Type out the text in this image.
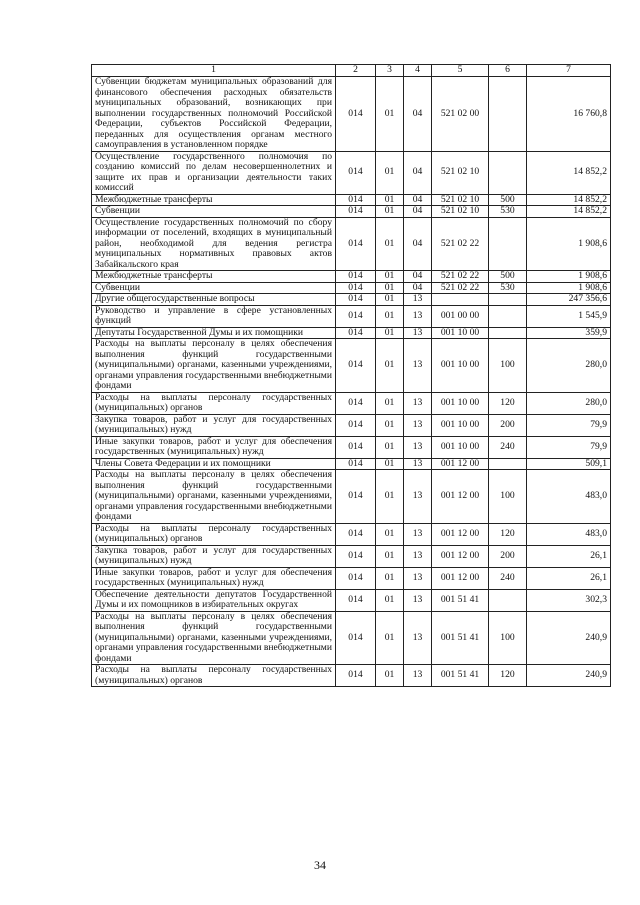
1	2	3	4	5	6	7
Субвенции бюджетам муниципальных образований для финансового обеспечения расходных обязательств муниципальных образований, возникающих при выполнении государственных полномочий Российской Федерации, субъектов Российской Федерации, переданных для осуществления органам местного самоуправления в установленном порядке	014	01	04	521 02 00		16 760,8
Осуществление государственного полномочия по созданию комиссий по делам несовершеннолетних и защите их прав и организации деятельности таких комиссий	014	01	04	521 02 10		14 852,2
Межбюджетные трансферты	014	01	04	521 02 10	500	14 852,2
Субвенции	014	01	04	521 02 10	530	14 852,2
Осуществление государственных полномочий по сбору информации от поселений, входящих в муниципальный район, необходимой для ведения регистра муниципальных нормативных правовых актов Забайкальского края	014	01	04	521 02 22		1 908,6
Межбюджетные трансферты	014	01	04	521 02 22	500	1 908,6
Субвенции	014	01	04	521 02 22	530	1 908,6
Другие общегосударственные вопросы	014	01	13			247 356,6
Руководство и управление в сфере установленных функций	014	01	13	001 00 00		1 545,9
Депутаты Государственной Думы и их помощники	014	01	13	001 10 00		359,9
Расходы на выплаты персоналу в целях обеспечения выполнения функций государственными (муниципальными) органами, казенными учреждениями, органами управления государственными внебюджетными фондами	014	01	13	001 10 00	100	280,0
Расходы на выплаты персоналу государственных (муниципальных) органов	014	01	13	001 10 00	120	280,0
Закупка товаров, работ и услуг для государственных (муниципальных) нужд	014	01	13	001 10 00	200	79,9
Иные закупки товаров, работ и услуг для обеспечения государственных (муниципальных) нужд	014	01	13	001 10 00	240	79,9
Члены Совета Федерации и их помощники	014	01	13	001 12 00		509,1
Расходы на выплаты персоналу в целях обеспечения выполнения функций государственными (муниципальными) органами, казенными учреждениями, органами управления государственными внебюджетными фондами	014	01	13	001 12 00	100	483,0
Расходы на выплаты персоналу государственных (муниципальных) органов	014	01	13	001 12 00	120	483,0
Закупка товаров, работ и услуг для государственных (муниципальных) нужд	014	01	13	001 12 00	200	26,1
Иные закупки товаров, работ и услуг для обеспечения государственных (муниципальных) нужд	014	01	13	001 12 00	240	26,1
Обеспечение деятельности депутатов Государственной Думы и их помощников в избирательных округах	014	01	13	001 51 41		302,3
Расходы на выплаты персоналу в целях обеспечения выполнения функций государственными (муниципальными) органами, казенными учреждениями, органами управления государственными внебюджетными фондами	014	01	13	001 51 41	100	240,9
Расходы на выплаты персоналу государственных (муниципальных) органов	014	01	13	001 51 41	120	240,9
34
